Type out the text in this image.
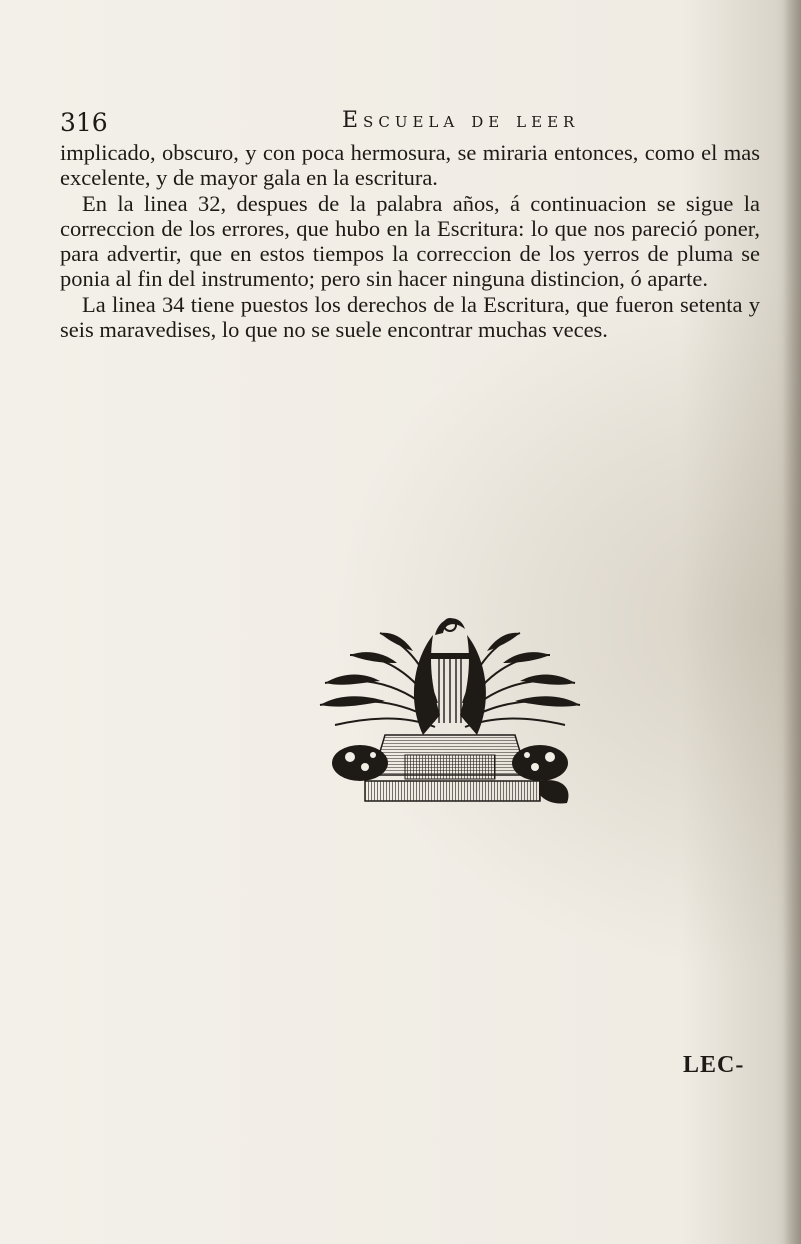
316	Escuela de leer

implicado, obscuro, y con poca hermosura, se miraria entonces, como el mas excelente, y de mayor gala en la escritura.

En la linea 32, despues de la palabra años, á continuacion se sigue la correccion de los errores, que hubo en la Escritura: lo que nos pareció poner, para advertir, que en estos tiempos la correccion de los yerros de pluma se ponia al fin del instrumento; pero sin hacer ninguna distincion, ó aparte.

La linea 34 tiene puestos los derechos de la Escritura, que fueron setenta y seis maravedises, lo que no se suele encontrar muchas veces.

LEC-
